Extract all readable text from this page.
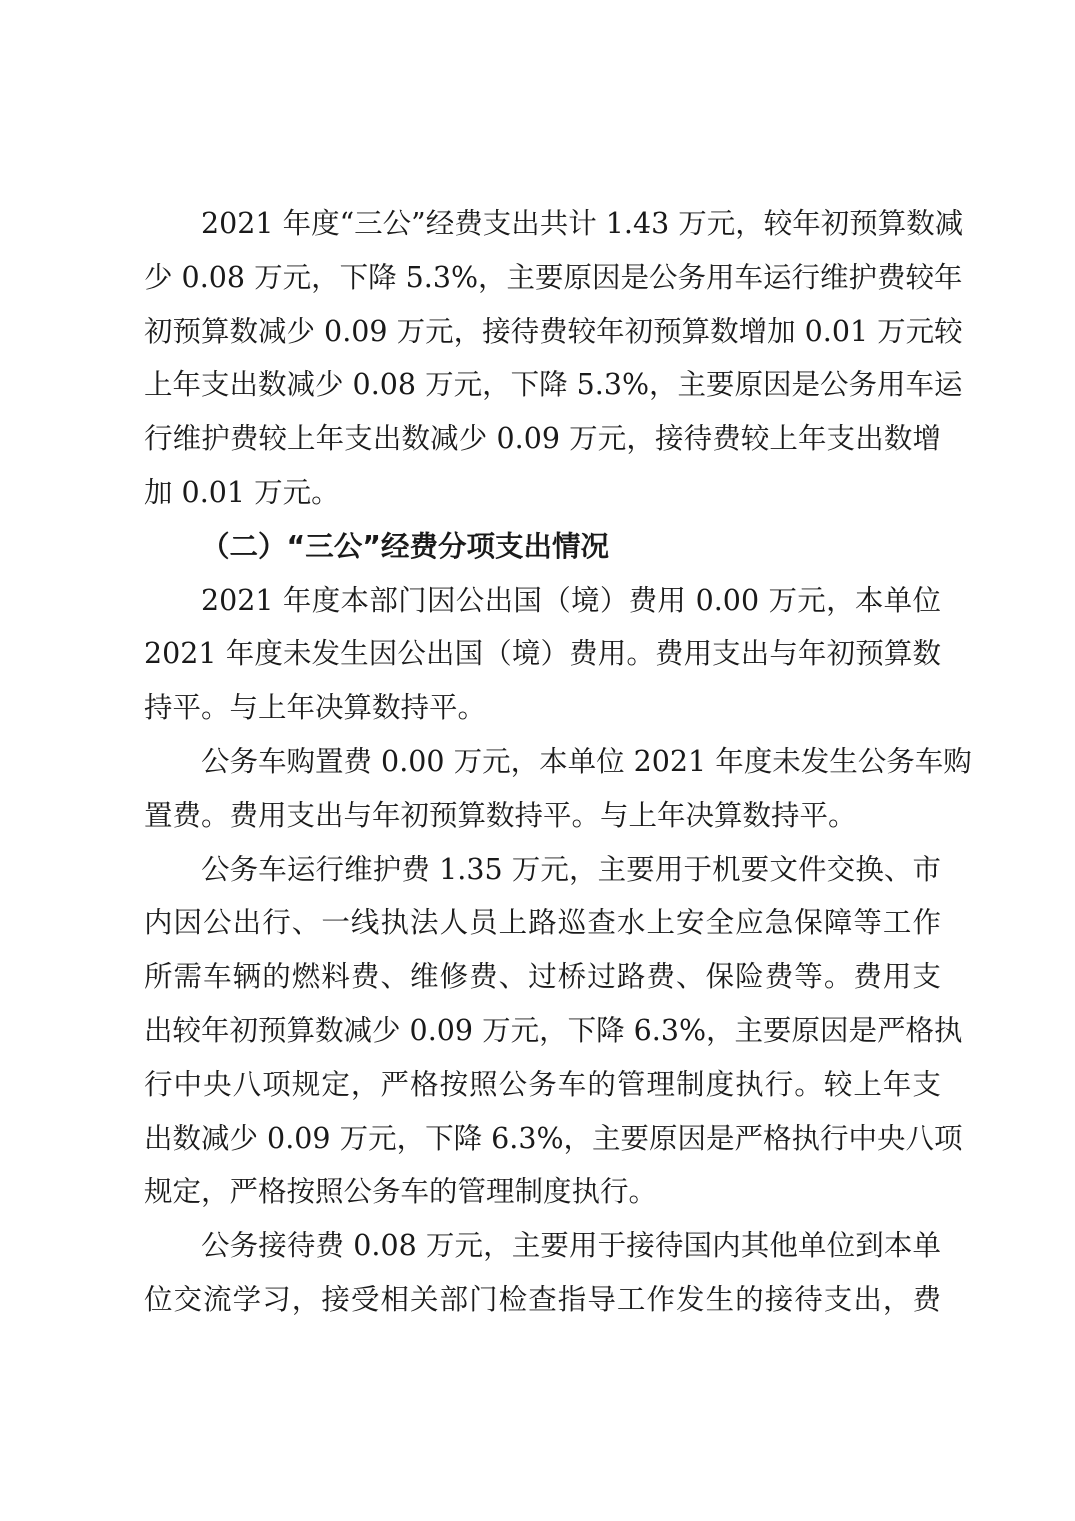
2021 年度“三公”经费支出共计 1.43 万元，较年初预算数减
少 0.08 万元，下降 5.3%，主要原因是公务用车运行维护费较年
初预算数减少 0.09 万元，接待费较年初预算数增加 0.01 万元较
上年支出数减少 0.08 万元，下降 5.3%，主要原因是公务用车运
行维护费较上年支出数减少 0.09 万元，接待费较上年支出数增
加 0.01 万元。
（二）“三公”经费分项支出情况
2021 年度本部门因公出国（境）费用 0.00 万元，本单位
2021 年度未发生因公出国（境）费用。费用支出与年初预算数
持平。与上年决算数持平。
公务车购置费 0.00 万元，本单位 2021 年度未发生公务车购
置费。费用支出与年初预算数持平。与上年决算数持平。
公务车运行维护费 1.35 万元，主要用于机要文件交换、市
内因公出行、一线执法人员上路巡查水上安全应急保障等工作
所需车辆的燃料费、维修费、过桥过路费、保险费等。费用支
出较年初预算数减少 0.09 万元，下降 6.3%，主要原因是严格执
行中央八项规定，严格按照公务车的管理制度执行。较上年支
出数减少 0.09 万元，下降 6.3%，主要原因是严格执行中央八项
规定，严格按照公务车的管理制度执行。
公务接待费 0.08 万元，主要用于接待国内其他单位到本单
位交流学习，接受相关部门检查指导工作发生的接待支出，费
